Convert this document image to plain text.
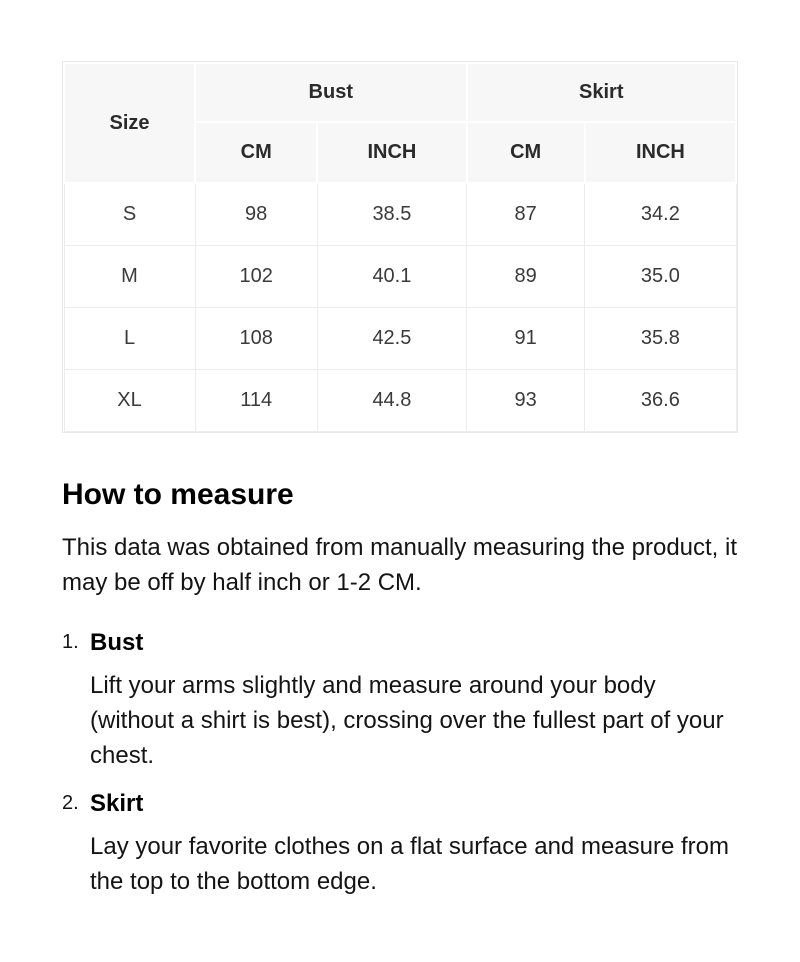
Size	Bust		Skirt	
	CM	INCH	CM	INCH
S	98	38.5	87	34.2
M	102	40.1	89	35.0
L	108	42.5	91	35.8
XL	114	44.8	93	36.6
How to measure

This data was obtained from manually measuring the product, it may be off by half inch or 1-2 CM.

1. Bust
Lift your arms slightly and measure around your body (without a shirt is best), crossing over the fullest part of your chest.
2. Skirt
Lay your favorite clothes on a flat surface and measure from the top to the bottom edge.
